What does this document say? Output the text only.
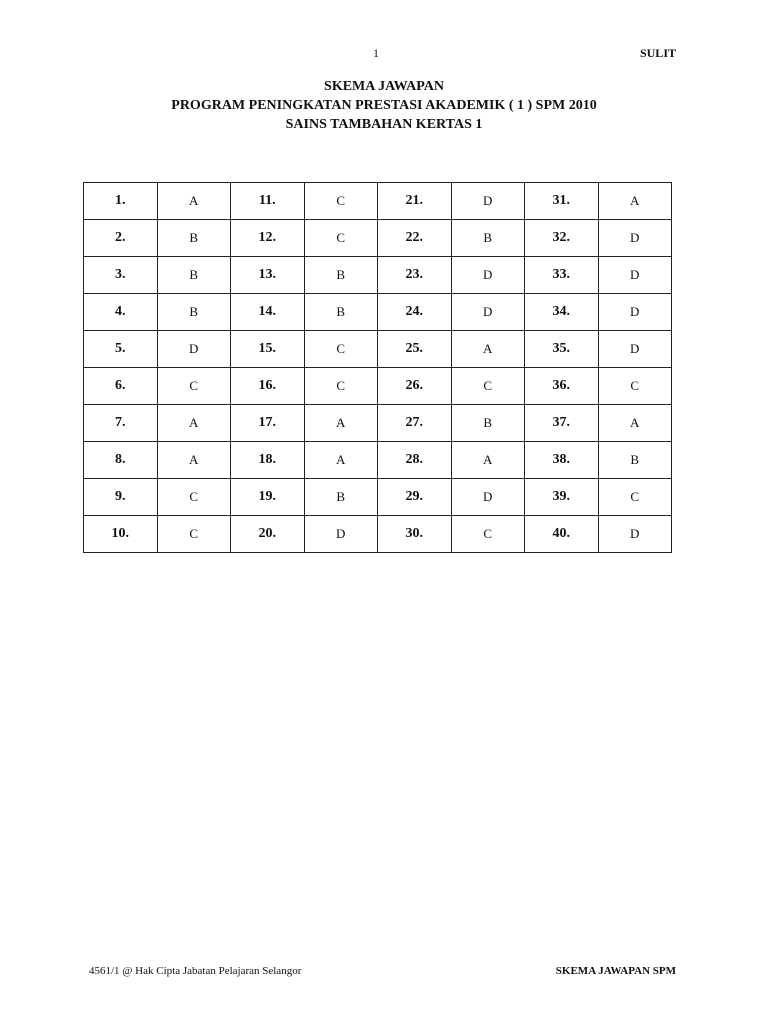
1	SULIT
SKEMA JAWAPAN
PROGRAM PENINGKATAN PRESTASI AKADEMIK ( 1 ) SPM 2010
SAINS TAMBAHAN KERTAS 1
1.	A	11.	C	21.	D	31.	A
2.	B	12.	C	22.	B	32.	D
3.	B	13.	B	23.	D	33.	D
4.	B	14.	B	24.	D	34.	D
5.	D	15.	C	25.	A	35.	D
6.	C	16.	C	26.	C	36.	C
7.	A	17.	A	27.	B	37.	A
8.	A	18.	A	28.	A	38.	B
9.	C	19.	B	29.	D	39.	C
10.	C	20.	D	30.	C	40.	D
4561/1 @ Hak Cipta Jabatan Pelajaran Selangor	SKEMA JAWAPAN SPM
